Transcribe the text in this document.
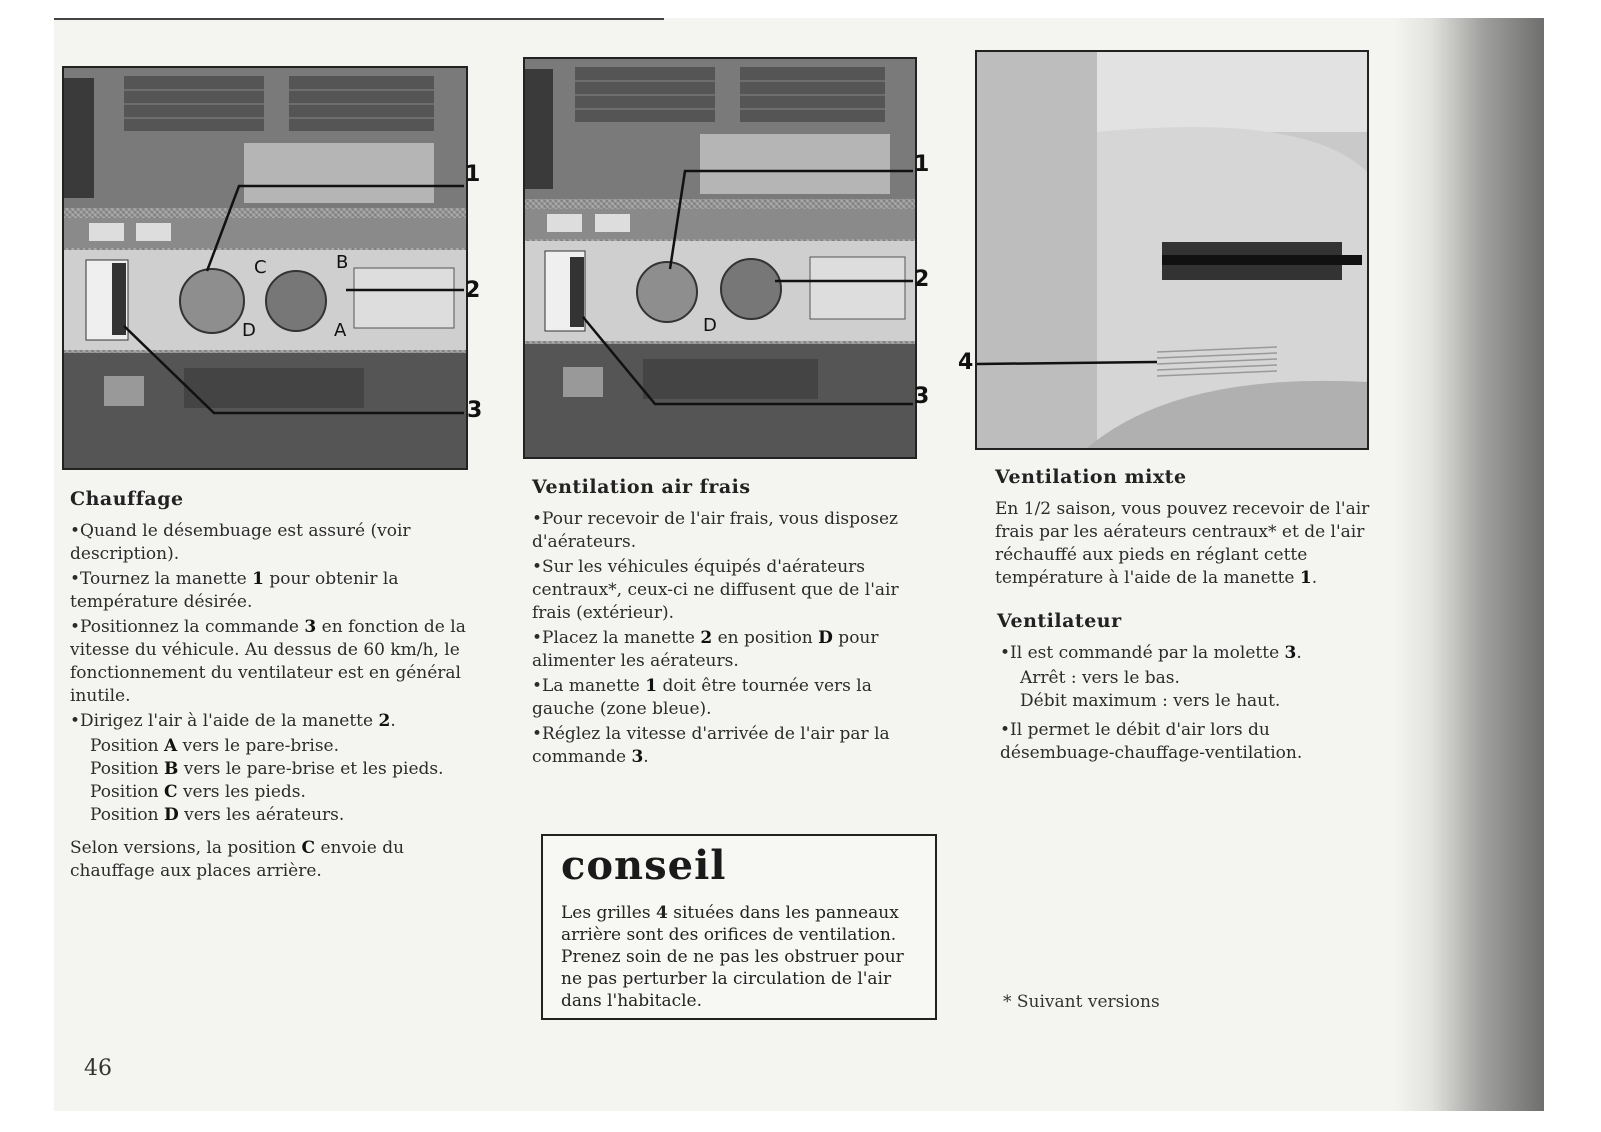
C	B
D	A
1
2
3
D
1
2
3
4
Chauffage

•Quand le désembuage est assuré (voir description).

•Tournez la manette 1 pour obtenir la température désirée.

•Positionnez la commande 3 en fonction de la vitesse du véhicule. Au dessus de 60 km/h, le fonctionnement du ventilateur est en général inutile.

•Dirigez l'air à l'aide de la manette 2.

Position A vers le pare-brise.

Position B vers le pare-brise et les pieds.

Position C vers les pieds.

Position D vers les aérateurs.

Selon versions, la position C envoie du chauffage aux places arrière.

Ventilation air frais

•Pour recevoir de l'air frais, vous disposez d'aérateurs.

•Sur les véhicules équipés d'aérateurs centraux*, ceux-ci ne diffusent que de l'air frais (extérieur).

•Placez la manette 2 en position D pour alimenter les aérateurs.

•La manette 1 doit être tournée vers la gauche (zone bleue).

•Réglez la vitesse d'arrivée de l'air par la commande 3.

Ventilation mixte

En 1/2 saison, vous pouvez recevoir de l'air frais par les aérateurs centraux* et de l'air réchauffé aux pieds en réglant cette température à l'aide de la manette 1.

Ventilateur

•Il est commandé par la molette 3.

Arrêt : vers le bas.

Débit maximum : vers le haut.

•Il permet le débit d'air lors du désembuage-chauffage-ventilation.

conseil

Les grilles 4 situées dans les panneaux arrière sont des orifices de ventilation. Prenez soin de ne pas les obstruer pour ne pas perturber la circulation de l'air dans l'habitacle.	* Suivant versions
46
